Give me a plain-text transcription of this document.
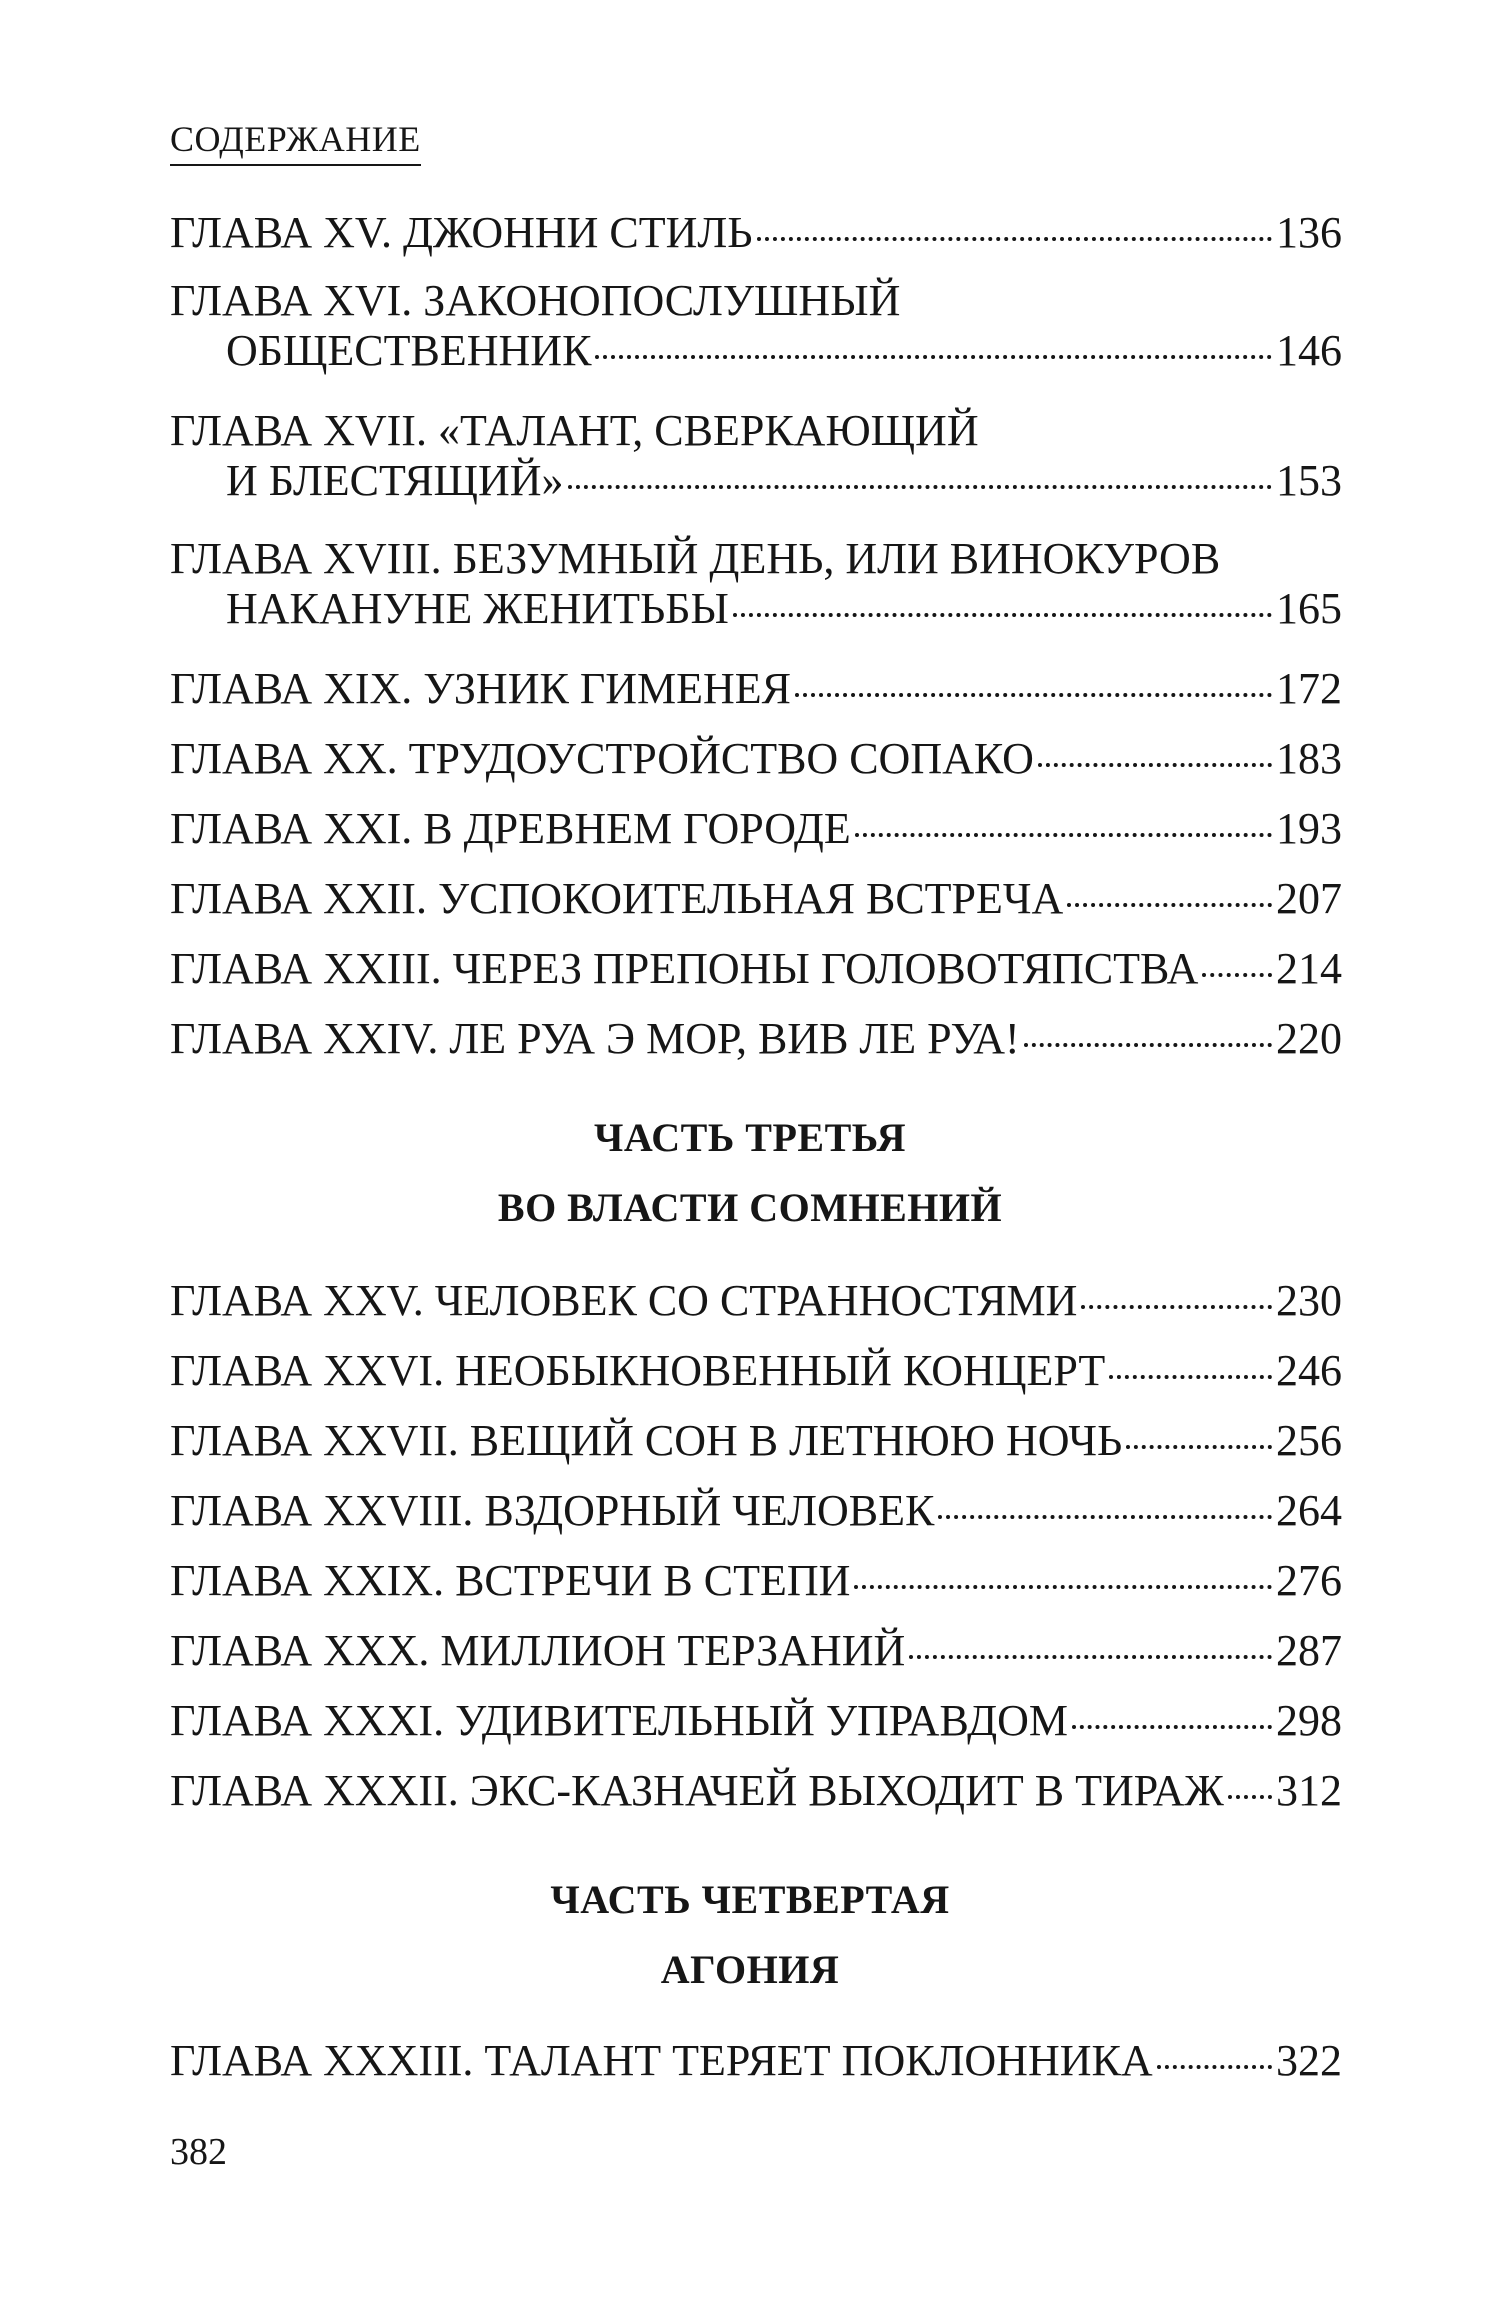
СОДЕРЖАНИЕ
ГЛАВА XV. ДЖОННИ СТИЛЬ	136
ГЛАВА XVI. ЗАКОНОПОСЛУШНЫЙ
ОБЩЕСТВЕННИК	146
ГЛАВА XVII. «ТАЛАНТ, СВЕРКАЮЩИЙ
И БЛЕСТЯЩИЙ»	153
ГЛАВА XVIII. БЕЗУМНЫЙ ДЕНЬ, ИЛИ ВИНОКУРОВ
НАКАНУНЕ ЖЕНИТЬБЫ	165
ГЛАВА XIX. УЗНИК ГИМЕНЕЯ	172
ГЛАВА XX. ТРУДОУСТРОЙСТВО СОПАКО	183
ГЛАВА XXI. В ДРЕВНЕМ ГОРОДЕ	193
ГЛАВА XXII. УСПОКОИТЕЛЬНАЯ ВСТРЕЧА	207
ГЛАВА XXIII. ЧЕРЕЗ ПРЕПОНЫ ГОЛОВОТЯПСТВА 214
ГЛАВА XXIV. ЛЕ РУА Э МОР, ВИВ ЛЕ РУА!	220
ГЛАВА XXV. ЧЕЛОВЕК СО СТРАННОСТЯМИ	230
ГЛАВА XXVI. НЕОБЫКНОВЕННЫЙ КОНЦЕРТ	246
ГЛАВА XXVII. ВЕЩИЙ СОН В ЛЕТНЮЮ НОЧЬ	256
ГЛАВА XXVIII. ВЗДОРНЫЙ ЧЕЛОВЕК	264
ГЛАВА XXIX. ВСТРЕЧИ В СТЕПИ	276
ГЛАВА XXX. МИЛЛИОН ТЕРЗАНИЙ	287
ГЛАВА XXXI. УДИВИТЕЛЬНЫЙ УПРАВДОМ	298
ГЛАВА XXXII. ЭКС-КАЗНАЧЕЙ ВЫХОДИТ В ТИРАЖ 312
ГЛАВА XXXIII. ТАЛАНТ ТЕРЯЕТ ПОКЛОННИКА	322
ЧАСТЬ ТРЕТЬЯ
ВО ВЛАСТИ СОМНЕНИЙ
ЧАСТЬ ЧЕТВЕРТАЯ
АГОНИЯ
382
